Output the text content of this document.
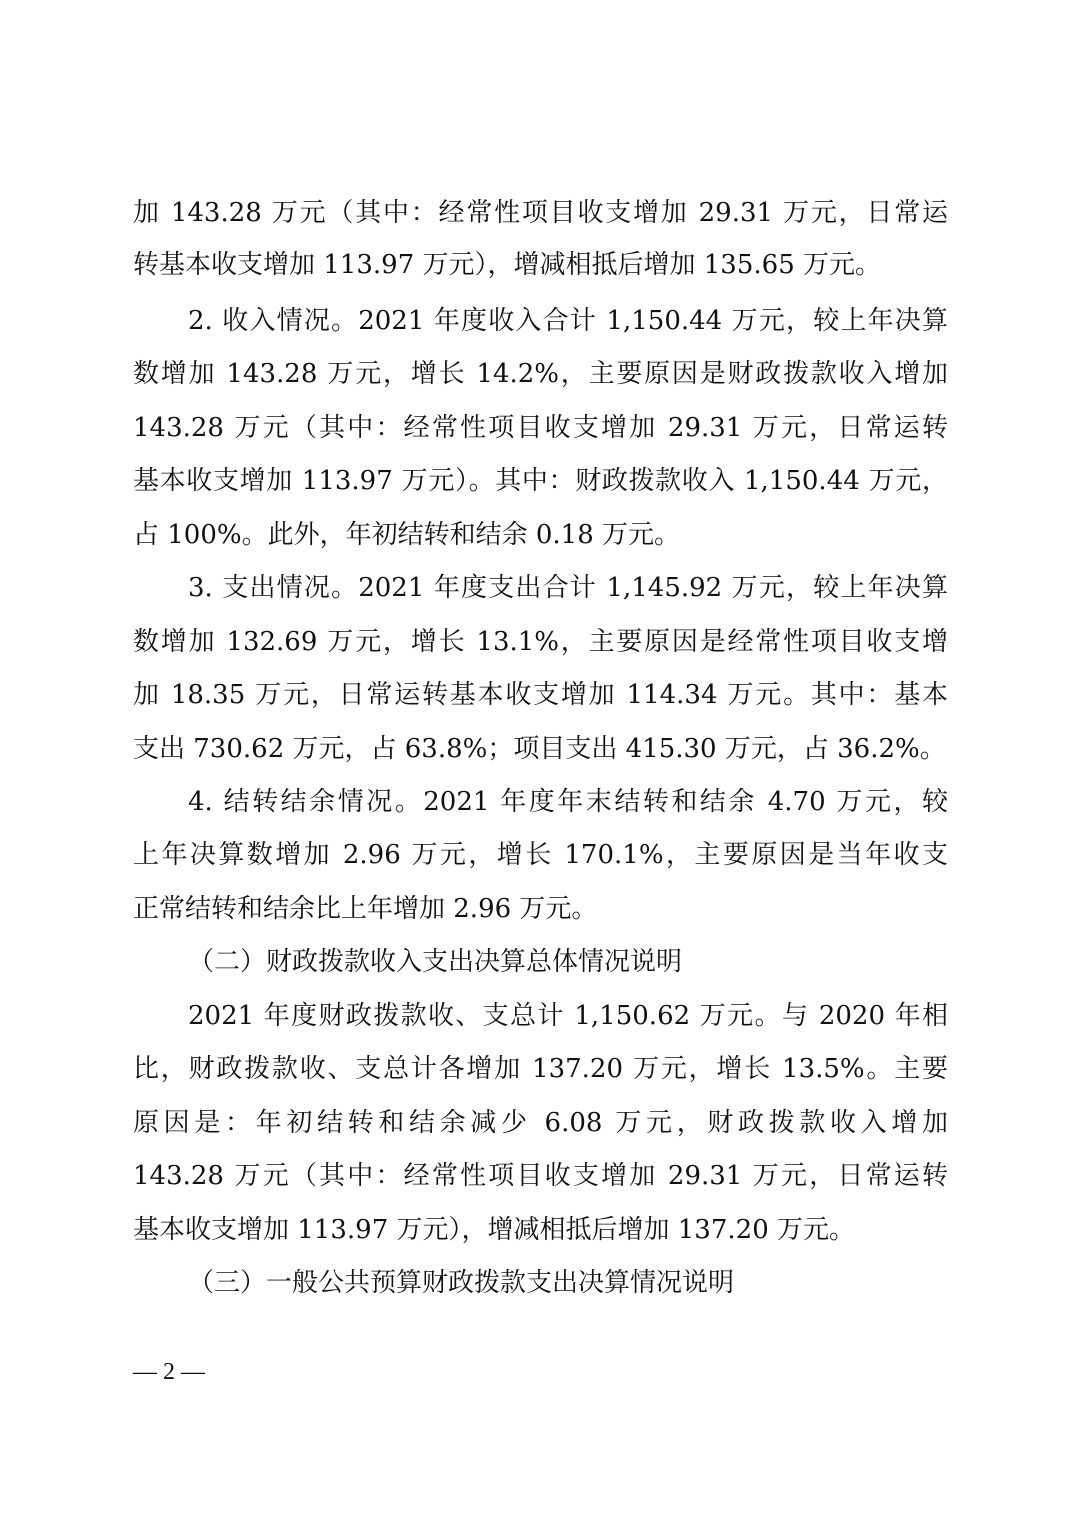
加 143.28 万元（其中：经常性项目收支增加 29.31 万元，日常运
转基本收支增加 113.97 万元），增减相抵后增加 135.65 万元。
2. 收入情况。2021 年度收入合计 1,150.44 万元，较上年决算
数增加 143.28 万元，增长 14.2%，主要原因是财政拨款收入增加
143.28 万元（其中：经常性项目收支增加 29.31 万元，日常运转
基本收支增加 113.97 万元）。其中：财政拨款收入 1,150.44 万元，
占 100%。此外，年初结转和结余 0.18 万元。
3. 支出情况。2021 年度支出合计 1,145.92 万元，较上年决算
数增加 132.69 万元，增长 13.1%，主要原因是经常性项目收支增
加 18.35 万元，日常运转基本收支增加 114.34 万元。其中：基本
支出 730.62 万元，占 63.8%；项目支出 415.30 万元，占 36.2%。
4. 结转结余情况。2021 年度年末结转和结余 4.70 万元，较
上年决算数增加 2.96 万元，增长 170.1%，主要原因是当年收支
正常结转和结余比上年增加 2.96 万元。
（二）财政拨款收入支出决算总体情况说明
2021 年度财政拨款收、支总计 1,150.62 万元。与 2020 年相
比，财政拨款收、支总计各增加 137.20 万元，增长 13.5%。主要
原因是：年初结转和结余减少 6.08 万元，财政拨款收入增加
143.28 万元（其中：经常性项目收支增加 29.31 万元，日常运转
基本收支增加 113.97 万元），增减相抵后增加 137.20 万元。
（三）一般公共预算财政拨款支出决算情况说明
— 2 —
